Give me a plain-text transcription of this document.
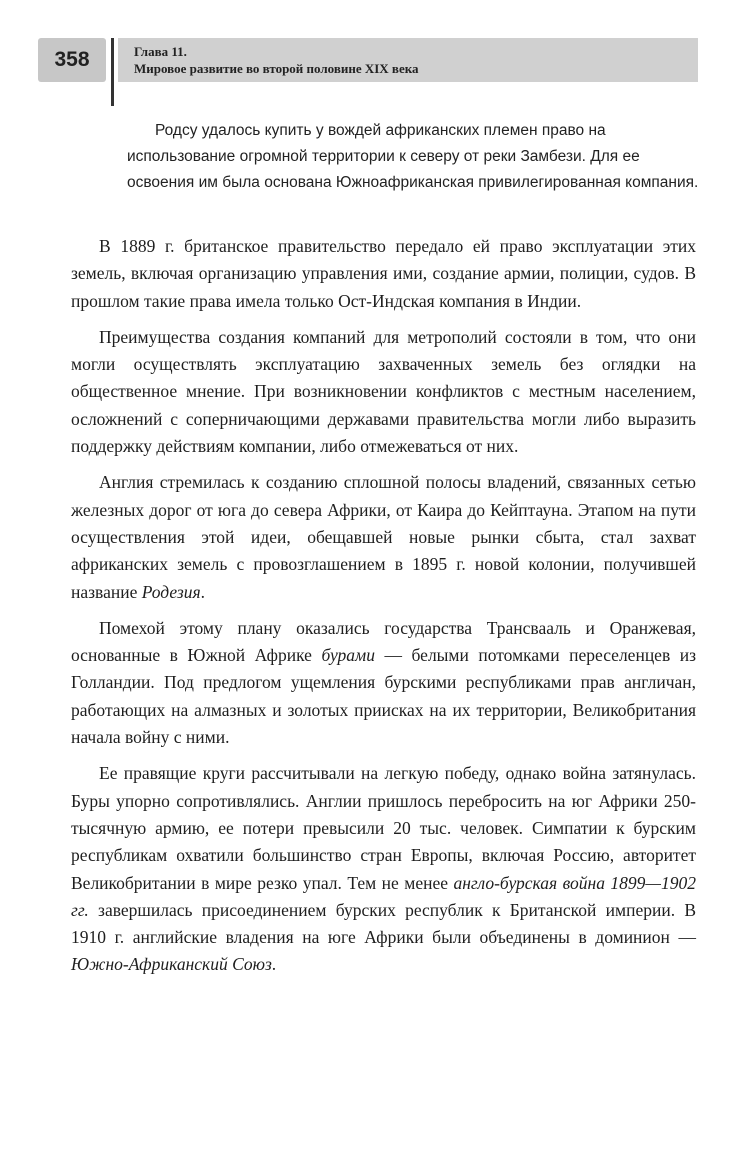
358	Глава 11.
Мировое развитие во второй половине XIX века

Родсу удалось купить у вождей африканских племен право на использование огромной территории к северу от реки Замбези. Для ее освоения им была основана Южноафриканская привилегированная компания.

В 1889 г. британское правительство передало ей право эксплуатации этих земель, включая организацию управления ими, создание армии, полиции, судов. В прошлом такие права имела только Ост-Индская компания в Индии.

Преимущества создания компаний для метрополий состояли в том, что они могли осуществлять эксплуатацию захваченных земель без оглядки на общественное мнение. При возникновении конфликтов с местным населением, осложнений с соперничающими державами правительства могли либо выразить поддержку действиям компании, либо отмежеваться от них.

Англия стремилась к созданию сплошной полосы владений, связанных сетью железных дорог от юга до севера Африки, от Каира до Кейптауна. Этапом на пути осуществления этой идеи, обещавшей новые рынки сбыта, стал захват африканских земель с провозглашением в 1895 г. новой колонии, получившей название Родезия.

Помехой этому плану оказались государства Трансвааль и Оранжевая, основанные в Южной Африке бурами — белыми потомками переселенцев из Голландии. Под предлогом ущемления бурскими республиками прав англичан, работающих на алмазных и золотых приисках на их территории, Великобритания начала войну с ними.

Ее правящие круги рассчитывали на легкую победу, однако война затянулась. Буры упорно сопротивлялись. Англии пришлось перебросить на юг Африки 250-тысячную армию, ее потери превысили 20 тыс. человек. Симпатии к бурским республикам охватили большинство стран Европы, включая Россию, авторитет Великобритании в мире резко упал. Тем не менее англо-бурская война 1899—1902 гг. завершилась присоединением бурских республик к Британской империи. В 1910 г. английские владения на юге Африки были объединены в доминион — Южно-Африканский Союз.
